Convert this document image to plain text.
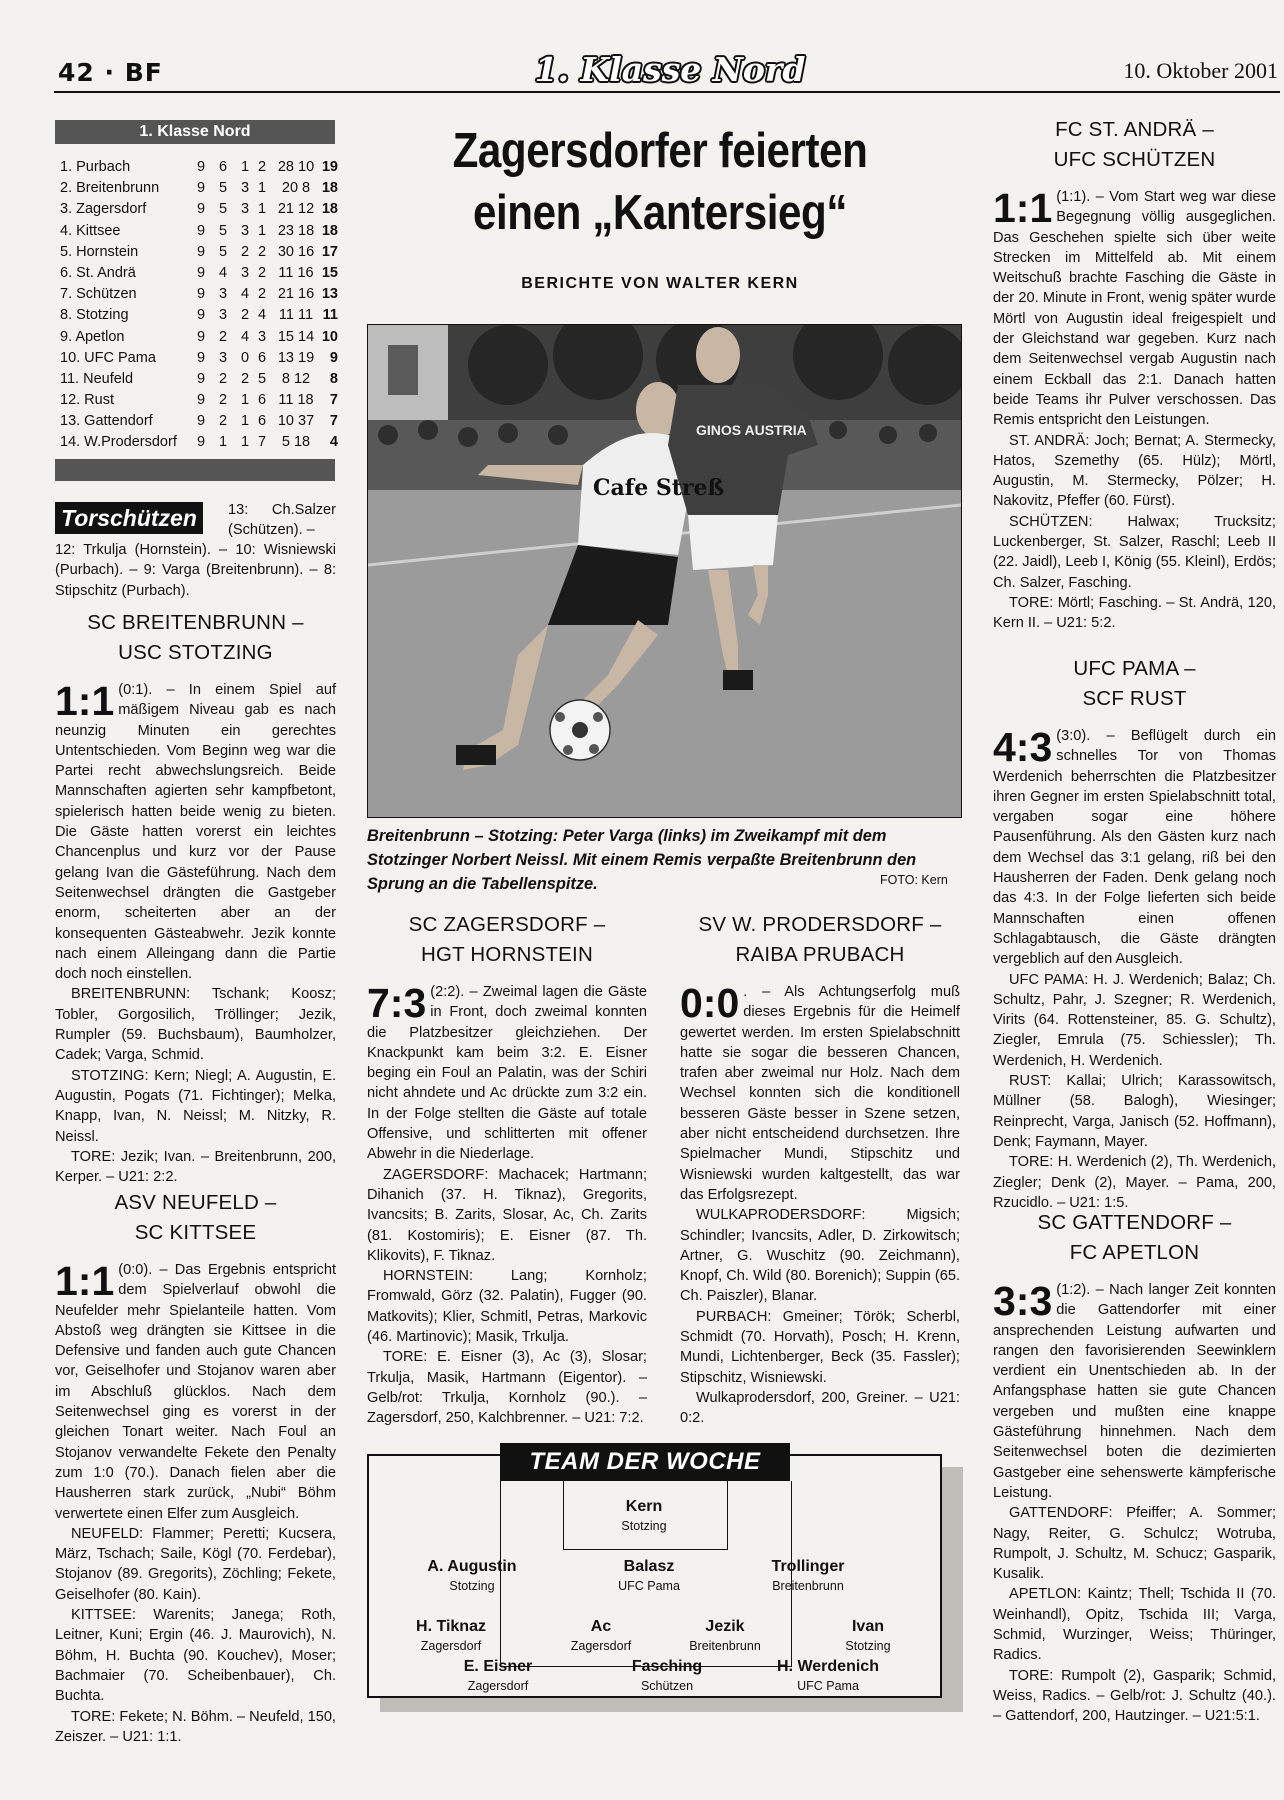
42 · BF	1. Klasse Nord	10. Oktober 2001
1. Klasse Nord
1. Purbach	9 6 1 2 28 10 19
2. Breitenbrunn	9 5 3 1	20 8 18
3. Zagersdorf	9 5 3 1 21 12 18
4. Kittsee	9 5 3 1 23 18 18
5. Hornstein	9 5 2 2 30 16 17
6. St. Andrä	9 4 3 2 11 16 15
7. Schützen	9 3 4 2 21 16 13
8. Stotzing	9 3 2 4 11 11 11
9. Apetlon	9 2 4 3 15 14 10
10. UFC Pama	9 3 0 6 13 19	9
11. Neufeld	9 2 2 5	8 12	8
12. Rust	9 2 1 6 11 18	7
13. Gattendorf	9 2 1 6 10 37	7
14. W.Prodersdorf 9 1 1 7	5 18	4
Torschützen	13: Ch.Salzer (Schützen). –
12: Trkulja (Hornstein). – 10: Wisniewski (Purbach). – 9: Varga (Breitenbrunn). – 8: Stipschitz (Purbach).
SC BREITENBRUNN –
USC STOTZING
1:1 (0:1). – In einem Spiel auf mäßigem Niveau gab es nach neunzig Minuten ein gerechtes Untentschieden. Vom Beginn weg war die Partei recht abwechslungsreich. Beide Mannschaften agierten sehr kampfbetont, spielerisch hatten beide wenig zu bieten. Die Gäste hatten vorerst ein leichtes Chancenplus und kurz vor der Pause gelang Ivan die Gästeführung. Nach dem Seitenwechsel drängten die Gastgeber enorm, scheiterten aber an der konsequenten Gästeabwehr. Jezik konnte nach einem Alleingang dann die Partie doch noch einstellen.

BREITENBRUNN: Tschank; Koosz; Tobler, Gorgosilich, Tröllinger; Jezik, Rumpler (59. Buchsbaum), Baumholzer, Cadek; Varga, Schmid.

STOTZING: Kern; Niegl; A. Augustin, E. Augustin, Pogats (71. Fichtinger); Melka, Knapp, Ivan, N. Neissl; M. Nitzky, R. Neissl.

TORE: Jezik; Ivan. – Breitenbrunn, 200, Kerper. – U21: 2:2.

ASV NEUFELD –
SC KITTSEE
1:1 (0:0). – Das Ergebnis entspricht dem Spielverlauf obwohl die Neufelder mehr Spielanteile hatten. Vom Abstoß weg drängten sie Kittsee in die Defensive und fanden auch gute Chancen vor, Geiselhofer und Stojanov waren aber im Abschluß glücklos. Nach dem Seitenwechsel ging es vorerst in der gleichen Tonart weiter. Nach Foul an Stojanov verwandelte Fekete den Penalty zum 1:0 (70.). Danach fielen aber die Hausherren stark zurück, „Nubi“ Böhm verwertete einen Elfer zum Ausgleich.

NEUFELD: Flammer; Peretti; Kucsera, März, Tschach; Saile, Kögl (70. Ferdebar), Stojanov (89. Gregorits), Zöchling; Fekete, Geiselhofer (80. Kain).

KITTSEE: Warenits; Janega; Roth, Leitner, Kuni; Ergin (46. J. Maurovich), N. Böhm, H. Buchta (90. Kouchev), Moser; Bachmaier (70. Scheibenbauer), Ch. Buchta.

TORE: Fekete; N. Böhm. – Neufeld, 150, Zeiszer. – U21: 1:1.

Zagersdorfer feierten
einen „Kantersieg“
BERICHTE VON WALTER KERN
Cafe Streß
GINOS AUSTRIA
Breitenbrunn – Stotzing: Peter Varga (links) im Zweikampf mit dem Stotzinger Norbert Neissl. Mit einem Remis verpaßte Breitenbrunn den Sprung an die Tabellenspitze.	FOTO: Kern
SC ZAGERSDORF –
HGT HORNSTEIN
7:3 (2:2). – Zweimal lagen die Gäste in Front, doch zweimal konnten die Platzbesitzer gleichziehen. Der Knackpunkt kam beim 3:2. E. Eisner beging ein Foul an Palatin, was der Schiri nicht ahndete und Ac drückte zum 3:2 ein. In der Folge stellten die Gäste auf totale Offensive, und schlitterten mit offener Abwehr in die Niederlage.

ZAGERSDORF: Machacek; Hartmann; Dihanich (37. H. Tiknaz), Gregorits, Ivancsits; B. Zarits, Slosar, Ac, Ch. Zarits (81. Kostomiris); E. Eisner (87. Th. Klikovits), F. Tiknaz.

HORNSTEIN: Lang; Kornholz; Fromwald, Görz (32. Palatin), Fugger (90. Matkovits); Klier, Schmitl, Petras, Markovic (46. Martinovic); Masik, Trkulja.

TORE: E. Eisner (3), Ac (3), Slosar; Trkulja, Masik, Hartmann (Eigentor). – Gelb/rot: Trkulja, Kornholz (90.). – Zagersdorf, 250, Kalchbrenner. – U21: 7:2.

SV W. PRODERSDORF –
RAIBA PRUBACH
0:0 . – Als Achtungserfolg muß dieses Ergebnis für die Heimelf gewertet werden. Im ersten Spielabschnitt hatte sie sogar die besseren Chancen, trafen aber zweimal nur Holz. Nach dem Wechsel konnten sich die konditionell besseren Gäste besser in Szene setzen, aber nicht entscheidend durchsetzen. Ihre Spielmacher Mundi, Stipschitz und Wisniewski wurden kaltgestellt, das war das Erfolgsrezept.

WULKAPRODERSDORF: Migsich; Schindler; Ivancsits, Adler, D. Zirkowitsch; Artner, G. Wuschitz (90. Zeichmann), Knopf, Ch. Wild (80. Borenich); Suppin (65. Ch. Paiszler), Blanar.

PURBACH: Gmeiner; Török; Scherbl, Schmidt (70. Horvath), Posch; H. Krenn, Mundi, Lichtenberger, Beck (35. Fassler); Stipschitz, Wisniewski.

Wulkaprodersdorf, 200, Greiner. – U21: 0:2.

TEAM DER WOCHE
Kern
Stotzing
A. Augustin
Stotzing
Balasz
UFC Pama
Trollinger
Breitenbrunn
H. Tiknaz
Zagersdorf
Ac
Zagersdorf
Jezik
Breitenbrunn
Ivan
Stotzing
E. Eisner
Zagersdorf
Fasching
Schützen
H. Werdenich
UFC Pama
FC ST. ANDRÄ –
UFC SCHÜTZEN
1:1 (1:1). – Vom Start weg war diese Begegnung völlig ausgeglichen. Das Geschehen spielte sich über weite Strecken im Mittelfeld ab. Mit einem Weitschuß brachte Fasching die Gäste in der 20. Minute in Front, wenig später wurde Mörtl von Augustin ideal freigespielt und der Gleichstand war gegeben. Kurz nach dem Seitenwechsel vergab Augustin nach einem Eckball das 2:1. Danach hatten beide Teams ihr Pulver verschossen. Das Remis entspricht den Leistungen.

ST. ANDRÄ: Joch; Bernat; A. Stermecky, Hatos, Szemethy (65. Hülz); Mörtl, Augustin, M. Stermecky, Pölzer; H. Nakovitz, Pfeffer (60. Fürst).

SCHÜTZEN: Halwax; Trucksitz; Luckenberger, St. Salzer, Raschl; Leeb II (22. Jaidl), Leeb I, König (55. Kleinl), Erdös; Ch. Salzer, Fasching.

TORE: Mörtl; Fasching. – St. Andrä, 120, Kern II. – U21: 5:2.

UFC PAMA –
SCF RUST
4:3 (3:0). – Beflügelt durch ein schnelles Tor von Thomas Werdenich beherrschten die Platzbesitzer ihren Gegner im ersten Spielabschnitt total, vergaben sogar eine höhere Pausenführung. Als den Gästen kurz nach dem Wechsel das 3:1 gelang, riß bei den Hausherren der Faden. Denk gelang noch das 4:3. In der Folge lieferten sich beide Mannschaften einen offenen Schlagabtausch, die Gäste drängten vergeblich auf den Ausgleich.

UFC PAMA: H. J. Werdenich; Balaz; Ch. Schultz, Pahr, J. Szegner; R. Werdenich, Virits (64. Rottensteiner, 85. G. Schultz), Ziegler, Emrula (75. Schiessler); Th. Werdenich, H. Werdenich.

RUST: Kallai; Ulrich; Karassowitsch, Müllner (58. Balogh), Wiesinger; Reinprecht, Varga, Janisch (52. Hoffmann), Denk; Faymann, Mayer.

TORE: H. Werdenich (2), Th. Werdenich, Ziegler; Denk (2), Mayer. – Pama, 200, Rzucidlo. – U21: 1:5.

SC GATTENDORF –
FC APETLON
3:3 (1:2). – Nach langer Zeit konnten die Gattendorfer mit einer ansprechenden Leistung aufwarten und rangen den favorisierenden Seewinklern verdient ein Unentschieden ab. In der Anfangsphase hatten sie gute Chancen vergeben und mußten eine knappe Gästeführung hinnehmen. Nach dem Seitenwechsel boten die dezimierten Gastgeber eine sehenswerte kämpferische Leistung.

GATTENDORF: Pfeiffer; A. Sommer; Nagy, Reiter, G. Schulcz; Wotruba, Rumpolt, J. Schultz, M. Schucz; Gasparik, Kusalik.

APETLON: Kaintz; Thell; Tschida II (70. Weinhandl), Opitz, Tschida III; Varga, Schmid, Wurzinger, Weiss; Thüringer, Radics.

TORE: Rumpolt (2), Gasparik; Schmid, Weiss, Radics. – Gelb/rot: J. Schultz (40.). – Gattendorf, 200, Hautzinger. – U21:5:1.
